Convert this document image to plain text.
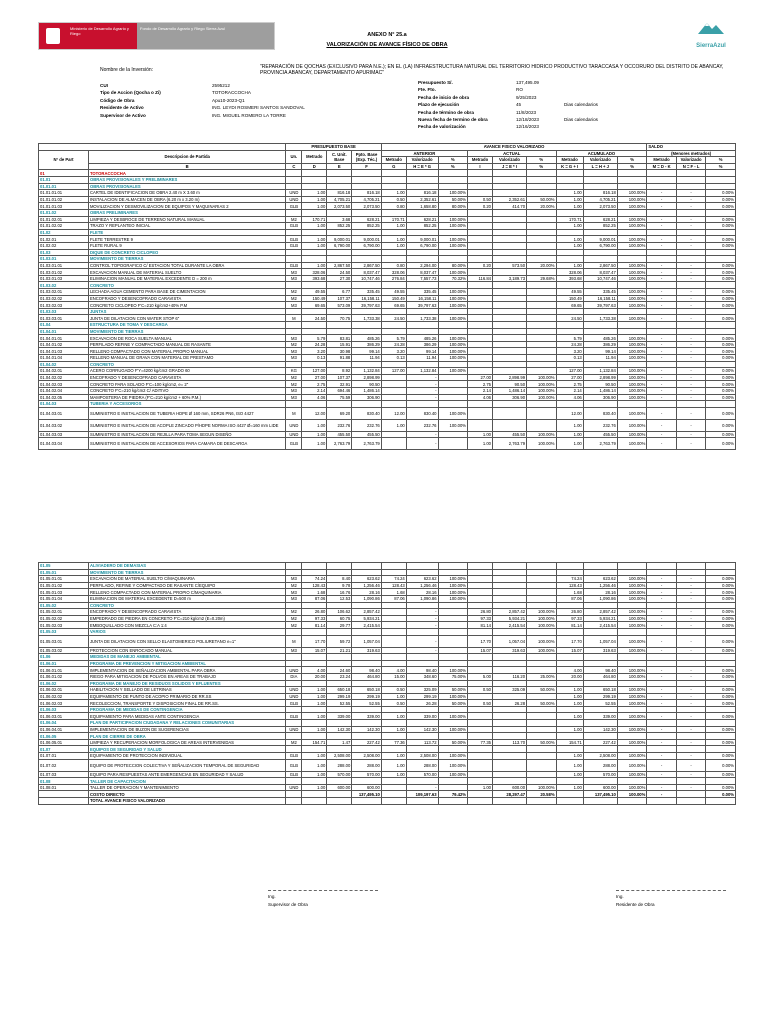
Ministerio de Desarrollo Agrario y Riego
Fondo de Desarrollo Agrario y Riego Sierra Azul
SierraAzul
ANEXO N° 25.a
VALORIZACIÓN DE AVANCE FÍSICO DE OBRA
Nombre de la Inversión:	"REPARACIÓN DE QOCHAS (EXCLUSIVO PARA N.E.); EN EL (LA) INFRAESTRUCTURA NATURAL DEL TERRITORIO HIDRICO PRODUCTIVO TARACCASA Y OCCORURO DEL DISTRITO DE ABANCAY, PROVINCIA ABANCAY, DEPARTAMENTO APURIMAC"
CUI	2595212
Tipo de Accion (Qocha o Zi)	TOTORACCOCHA
Código de Obra	Apu10-2023-Q1
Residente de Activo	ING. LEYDI ROSMERI SANTOS SANDOVAL
Supervisor de Activo	ING. MIGUEL ROMERO LA TORRE
Presupuesto S/.	137,495.09
Fte. Fto.	RO
Fecha de inicio de obra	9/25/2023
Plazo de ejecución	45	Dias calendarios
Fecha de término de obra	11/8/2023
Nueva fecha de termino de obra	12/18/2023	Dias calendarios
Fecha de valorización	12/16/2023
		PRESUPUESTO BASE				AVANCE FISICO VALORIZADO									SALDO		
N° de Part	Descripcion de Partida	Un.	Metrado	C. Unit. Base	Ppto. Base (Exp. Téc.)	ANTERIOR			ACTUAL			ACUMULADO			(Menores metrados)		
						Metrado	Valorizado	%	Metrado	Valorizado	%	Metrado	Valorizado	%	Metrado	Valorizado	%
	B	C	D	E	F	G	H = E * G	%	I	J = E * I	%	K = G + I	L = H + J	%	M = D - K	N = F - L	%
01	TOTORACCOCHA																
01.01	OBRAS PROVISIONALES Y PRELIMINARES																
01.01.01	OBRAS PROVISIONALES																
01.01.01.01	CARTEL DE IDENTIFICACION DE OBRA 2.40 m X 3.60 m	UND	1.00	816.18	816.18	1.00	816.18	100.00%				1.00	816.18	100.00%	-	-	0.00%
01.01.01.02	INSTALACION DE ALMACEN DE OBRA (6.20 m x 3.20 m)	UND	1.00	4,705.21	4,705.21	0.50	2,352.61	50.00%	0.50	2,352.61	50.00%	1.00	4,705.21	100.00%	-	-	0.00%
01.01.01.03	MOVILIZACION Y DESMOVILIZACION DE EQUIPOS Y MAQUINARIAS 2	GLB	1.00	2,073.50	2,073.50	0.80	1,658.80	80.00%	0.20	414.70	20.00%	1.00	2,073.50	100.00%	-	-	0.00%
01.01.02	OBRAS PRELIMINARES																
01.01.02.01	LIMPIEZA Y DESBROCE DE TERRENO NATURAL MANUAL	M2	170.71	3.68	628.21	170.71	628.21	100.00%				170.71	628.21	100.00%	-	-	0.00%
01.01.02.02	TRAZO Y REPLANTEO INICIAL	GLB	1.00	852.25	852.25	1.00	852.25	100.00%				1.00	852.25	100.00%	-	-	0.00%
01.02	FLETE																
01.02.01	FLETE TERRESTRE 9	GLB	1.00	9,000.01	9,000.01	1.00	9,000.01	100.00%				1.00	9,000.01	100.00%	-	-	0.00%
01.02.02	FLETE RURAL 9	GLB	1.00	6,790.00	6,790.00	1.00	6,790.00	100.00%				1.00	6,790.00	100.00%	-	-	0.00%
01.03	DIQUE DE CONCRETO CICLOPEO																
01.03.01	MOVIMIENTO DE TIERRAS																
01.03.01.01	CONTROL TOPOGRAFICO C/ ESTACION TOTAL DURANTE LA OBRA	GLB	1.00	2,867.50	2,867.50	0.80	2,294.00	80.00%	0.20	573.50	20.00%	1.00	2,867.50	100.00%	-	-	0.00%
01.03.01.02	EXCAVACION MANUAL DE MATERIAL SUELTO	M3	328.06	24.50	8,037.47	328.06	8,037.47	100.00%				328.06	8,037.47	100.00%	-	-	0.00%
01.03.01.03	ELIMINACION MANUAL DE MATERIAL EXCEDENTE D = 200 m	M3	393.68	27.30	10,747.46	276.84	7,557.73	70.32%	116.84	3,189.73	29.68%	393.68	10,747.46	100.00%	-	-	0.00%
01.03.02	CONCRETO																
01.03.02.01	LECHADA AGUA CEMENTO PARA BASE DE CIMENTACION	M2	49.55	6.77	335.45	49.55	335.45	100.00%				49.55	335.45	100.00%	-	-	0.00%
01.03.02.02	ENCOFRADO Y DESENCOFRADO CARAVISTA	M2	150.49	107.37	16,158.11	150.49	16,158.11	100.00%				150.49	16,158.11	100.00%	-	-	0.00%
01.03.02.03	CONCRETO CICLOPEO F'C=210 kg/cm2+40% P.M	M3	69.65	573.09	39,797.63	69.65	39,797.63	100.00%				69.65	39,797.63	100.00%	-	-	0.00%
01.03.03	JUNTAS																
01.03.03.01	JUNTA DE DILATACION CON WATER STOP 6"	M	24.50	70.75	1,733.38	24.50	1,733.38	100.00%				24.50	1,733.38	100.00%	-	-	0.00%
01.04	ESTRUCTURA DE TOMA Y DESCARGA																
01.04.01	MOVIMIENTO DE TIERRAS																
01.04.01.01	EXCAVACION DE ROCA SUELTA MANUAL	M3	5.79	83.81	485.26	5.79	485.26	100.00%				5.79	485.26	100.00%	-	-	0.00%
01.04.01.02	PERFILADO REFINE Y COMPACTADO MANUAL DE RASANTE	M2	24.28	15.91	386.29	24.28	386.29	100.00%				24.28	386.29	100.00%	-	-	0.00%
01.04.01.03	RELLENO COMPACTADO CON MATERIAL PROPIO MANUAL	M3	3.20	30.98	99.14	3.20	99.14	100.00%				3.20	99.14	100.00%	-	-	0.00%
01.04.01.04	RELLENO MANUAL DE GRAVA CON MATERIAL DE PRESTAMO	M3	0.13	91.88	11.94	0.13	11.94	100.00%				0.13	11.94	100.00%	-	-	0.00%
01.04.02	CONCRETO																
01.04.02.01	ACERO CORRUGADO F'Y=4200 kg/cm2 GRADO 60	KG	127.00	8.92	1,132.84	127.00	1,132.84	100.00%				127.00	1,132.84	100.00%	-	-	0.00%
01.04.02.02	ENCOFRADO Y DESENCOFRADO CARAVISTA	M2	27.00	107.37	2,898.99		-		27.00	2,898.99	100.00%	27.00	2,898.99	100.00%	-	-	0.00%
01.04.02.03	CONCRETO PARA SOLADO F'C=100 kg/cm2, e= 2"	M2	2.75	32.91	90.50		-		2.75	90.50	100.00%	2.75	90.50	100.00%	-	-	0.00%
01.04.02.04	CONCRETO F'C=210 kg/cm2 C/ ADITIVO	M3	2.14	694.46	1,486.14		-		2.14	1,486.14	100.00%	2.14	1,486.14	100.00%	-	-	0.00%
01.04.02.05	MAMPOSTERIA DE PIEDRA (F'C=210 kg/cm2 + 60% P.M.)	M3	4.06	75.59	306.90		-		4.06	306.90	100.00%	4.06	306.90	100.00%	-	-	0.00%
01.04.03	TUBERIA Y ACCESORIOS																
01.04.03.01	SUMINISTRO E INSTALACION DE TUBERIA HDPE Ø 160 mm, SDR26 PN6, ISO 4427	M	12.00	69.20	830.40	12.00	830.40	100.00%				12.00	830.40	100.00%	-	-	0.00%
01.04.03.02	SUMINISTRO E INSTALACION DE ACOPLE ZINCADO P/HDPE NORMA ISO 4427 Ø=160 mm LIDE	UND	1.00	232.76	232.76	1.00	232.76	100.00%				1.00	232.76	100.00%	-	-	0.00%
01.04.03.03	SUMINISTRO E INSTALACION DE REJILLA PARA TOMA SEGUN DISEÑO	UND	1.00	455.50	455.50		-		1.00	455.50	100.00%	1.00	455.50	100.00%	-	-	0.00%
01.04.03.04	SUMINISTRO E INSTALACION DE ACCESORIOS PARA CAMARA DE DESCARGA	GLB	1.00	2,763.79	2,763.79		-		1.00	2,763.79	100.00%	1.00	2,763.79	100.00%	-	-	0.00%
01.05	ALIVIADERO DE DEMASIAS																
01.05.01	MOVIMIENTO DE TIERRAS																
01.05.01.01	EXCAVACION DE MATERIAL SUELTO C/MAQUINARIA	M3	74.24	8.40	623.62	74.24	623.62	100.00%				74.24	623.62	100.00%	-	-	0.00%
01.05.01.02	PERFILADO, REFINE Y COMPACTADO DE RASANTE C/EQUIPO	M2	128.43	9.78	1,256.46	128.43	1,256.46	100.00%				128.43	1,256.46	100.00%	-	-	0.00%
01.05.01.03	RELLENO COMPACTADO CON MATERIAL PROPIO C/MAQUINARIA	M3	1.68	16.76	28.16	1.68	28.16	100.00%				1.68	28.16	100.00%	-	-	0.00%
01.05.01.04	ELIMINACION DE MATERIAL EXCEDENTE D=500 m	M3	87.06	12.53	1,090.86	87.06	1,090.86	100.00%				87.06	1,090.86	100.00%	-	-	0.00%
01.05.02	CONCRETO																
01.05.02.01	ENCOFRADO Y DESENCOFRADO CARAVISTA	M2	26.80	106.62	2,857.42		-		26.80	2,857.42	100.00%	26.80	2,857.42	100.00%	-	-	0.00%
01.05.02.02	EMPEDRADO DE PIEDRA EN CONCRETO F'C=210 kg/cm2 (E=0.20m)	M2	97.33	60.75	5,934.21		-		97.33	5,934.21	100.00%	97.33	5,934.21	100.00%	-	-	0.00%
01.05.02.03	EMBOQUILLADO CON MEZCLA C:A 1:4	M2	81.14	29.77	2,415.54		-		81.14	2,415.54	100.00%	81.14	2,415.54	100.00%	-	-	0.00%
01.05.03	VARIOS																
01.05.03.01	JUNTA DE DILATACION CON SELLO ELASTOMERICO POLIURETANO e=1"	M	17.70	59.72	1,057.04		-		17.70	1,057.04	100.00%	17.70	1,057.04	100.00%	-	-	0.00%
01.05.03.02	PROTECCION CON ENROCADO MANUAL	M3	15.07	21.21	319.63		-		15.07	319.63	100.00%	15.07	319.63	100.00%	-	-	0.00%
01.06	MEDIDAS DE MANEJO AMBIENTAL																
01.06.01	PROGRAMA DE PREVENCION Y MITIGACION AMBIENTAL																
01.06.01.01	IMPLEMENTACION DE SEÑALIZACION AMBIENTAL PARA OBRA	UND	4.00	24.60	98.40	4.00	98.40	100.00%				4.00	98.40	100.00%	-	-	0.00%
01.06.01.02	RIEGO PARA MITIGACION DE POLVOS EN AREAS DE TRABAJO	DIA	20.00	23.24	464.80	15.00	348.60	75.00%	5.00	116.20	25.00%	20.00	464.80	100.00%	-	-	0.00%
01.06.02	PROGRAMA DE MANEJO DE RESIDUOS SOLIDOS Y EFLUENTES																
01.06.02.01	HABILITACION Y SELLADO DE LETRINAS	UND	1.00	650.18	650.18	0.50	325.09	50.00%	0.50	325.09	50.00%	1.00	650.18	100.00%	-	-	0.00%
01.06.02.02	EQUIPAMIENTO DE PUNTO DE ACOPIO PRIMARIO DE RR.SS	UND	1.00	299.19	299.19	1.00	299.19	100.00%				1.00	299.19	100.00%	-	-	0.00%
01.06.02.03	RECOLECCION, TRANSPORTE Y DISPOSICION FINAL DE RR.SS.	GLB	1.00	52.55	52.55	0.50	26.28	50.00%	0.50	26.28	50.00%	1.00	52.55	100.00%	-	-	0.00%
01.06.03	PROGRAMA DE MEDIDAS DE CONTINGENCIA																
01.06.03.01	EQUIPAMIENTO PARA MEDIDAS ANTE CONTINGENCIA	GLB	1.00	339.00	339.00	1.00	339.00	100.00%				1.00	339.00	100.00%	-	-	0.00%
01.06.04	PLAN DE PARTICIPACION CIUDADANA Y RELACIONES COMUNITARIAS																
01.06.04.01	IMPLEMENTACION DE BUZON DE SUGERENCIAS	UND	1.00	142.30	142.30	1.00	142.30	100.00%				1.00	142.30	100.00%	-	-	0.00%
01.06.05	PLAN DE CIERRE DE OBRA																
01.06.05.01	LIMPIEZA Y RECUPERACION MORFOLOGICA DE AREAS INTERVENIDAS	M2	154.71	1.47	227.42	77.36	113.72	50.00%	77.35	113.70	50.00%	154.71	227.42	100.00%	-	-	0.00%
01.07	EQUIPOS DE SEGURIDAD Y SALUD																
01.07.01	EQUIPAMIENTO DE PROTECCION INDIVIDUAL	GLB	1.00	2,508.00	2,508.00	1.00	2,508.00	100.00%				1.00	2,508.00	100.00%	-	-	0.00%
01.07.02	EQUIPO DE PROTECCION COLECTIVA Y SEÑALIZACION TEMPORAL DE SEGURIDAD	GLB	1.00	288.00	288.00	1.00	288.00	100.00%				1.00	288.00	100.00%	-	-	0.00%
01.07.03	EQUIPO PARA RESPUESTAS ANTE EMERGENCIAS EN SEGURIDAD Y SALUD	GLB	1.00	570.00	570.00	1.00	570.00	100.00%				1.00	570.00	100.00%	-	-	0.00%
01.08	TALLER DE CAPACITACION																
01.08.01	TALLER DE OPERACION Y MANTENIMIENTO	UND	1.00	600.00	600.00		-		1.00	600.00	100.00%	1.00	600.00	100.00%	-	-	0.00%
	COSTO DIRECTO				137,495.10		109,197.63	79.42%		28,297.47	20.58%		137,495.10	100.00%	-		0.00%
	TOTAL AVANCE FISICO VALORIZADO																
Ing.
Supervisor de Obra
Ing.
Residente de Obra
